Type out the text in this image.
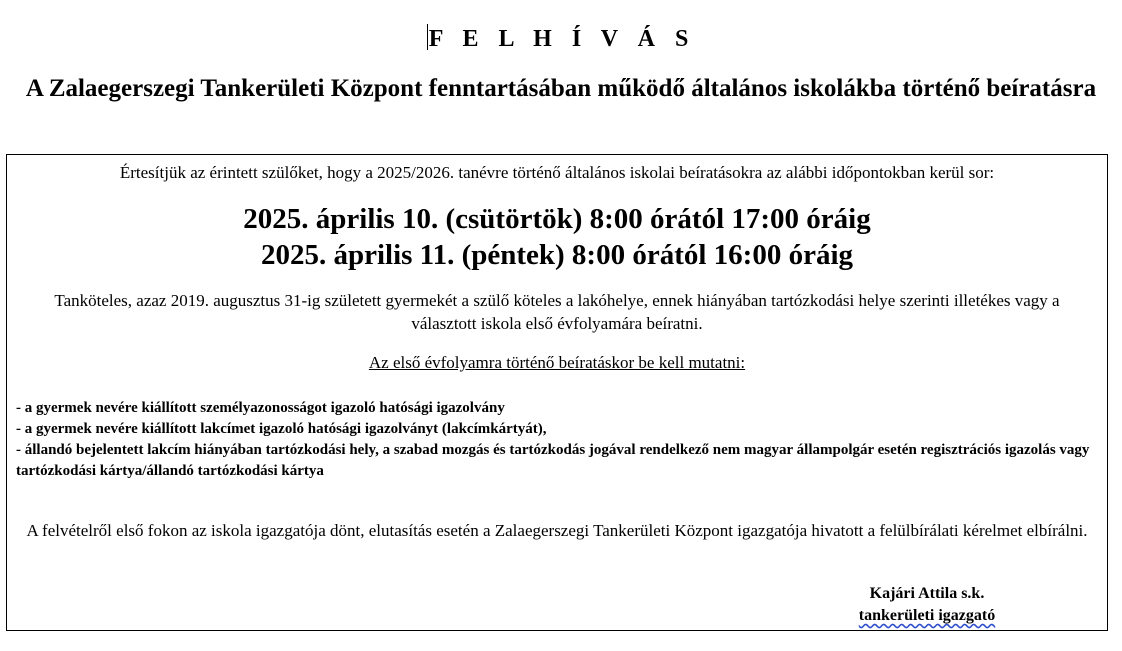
F E L H Í V Á S
A Zalaegerszegi Tankerületi Központ fenntartásában működő általános iskolákba történő beíratásra
Értesítjük az érintett szülőket, hogy a 2025/2026. tanévre történő általános iskolai beíratásokra az alábbi időpontokban kerül sor:
2025. április 10. (csütörtök) 8:00 órától 17:00 óráig
2025. április 11. (péntek) 8:00 órától 16:00 óráig
Tanköteles, azaz 2019. augusztus 31-ig született gyermekét a szülő köteles a lakóhelye, ennek hiányában tartózkodási helye szerinti illetékes vagy a választott iskola első évfolyamára beíratni.
Az első évfolyamra történő beíratáskor be kell mutatni:
- a gyermek nevére kiállított személyazonosságot igazoló hatósági igazolvány
- a gyermek nevére kiállított lakcímet igazoló hatósági igazolványt (lakcímkártyát),
- állandó bejelentett lakcím hiányában tartózkodási hely, a szabad mozgás és tartózkodás jogával rendelkező nem magyar állampolgár esetén regisztrációs igazolás vagy tartózkodási kártya/állandó tartózkodási kártya
A felvételről első fokon az iskola igazgatója dönt, elutasítás esetén a Zalaegerszegi Tankerületi Központ igazgatója hivatott a felülbírálati kérelmet elbírálni.
Kajári Attila s.k.
tankerületi igazgató
